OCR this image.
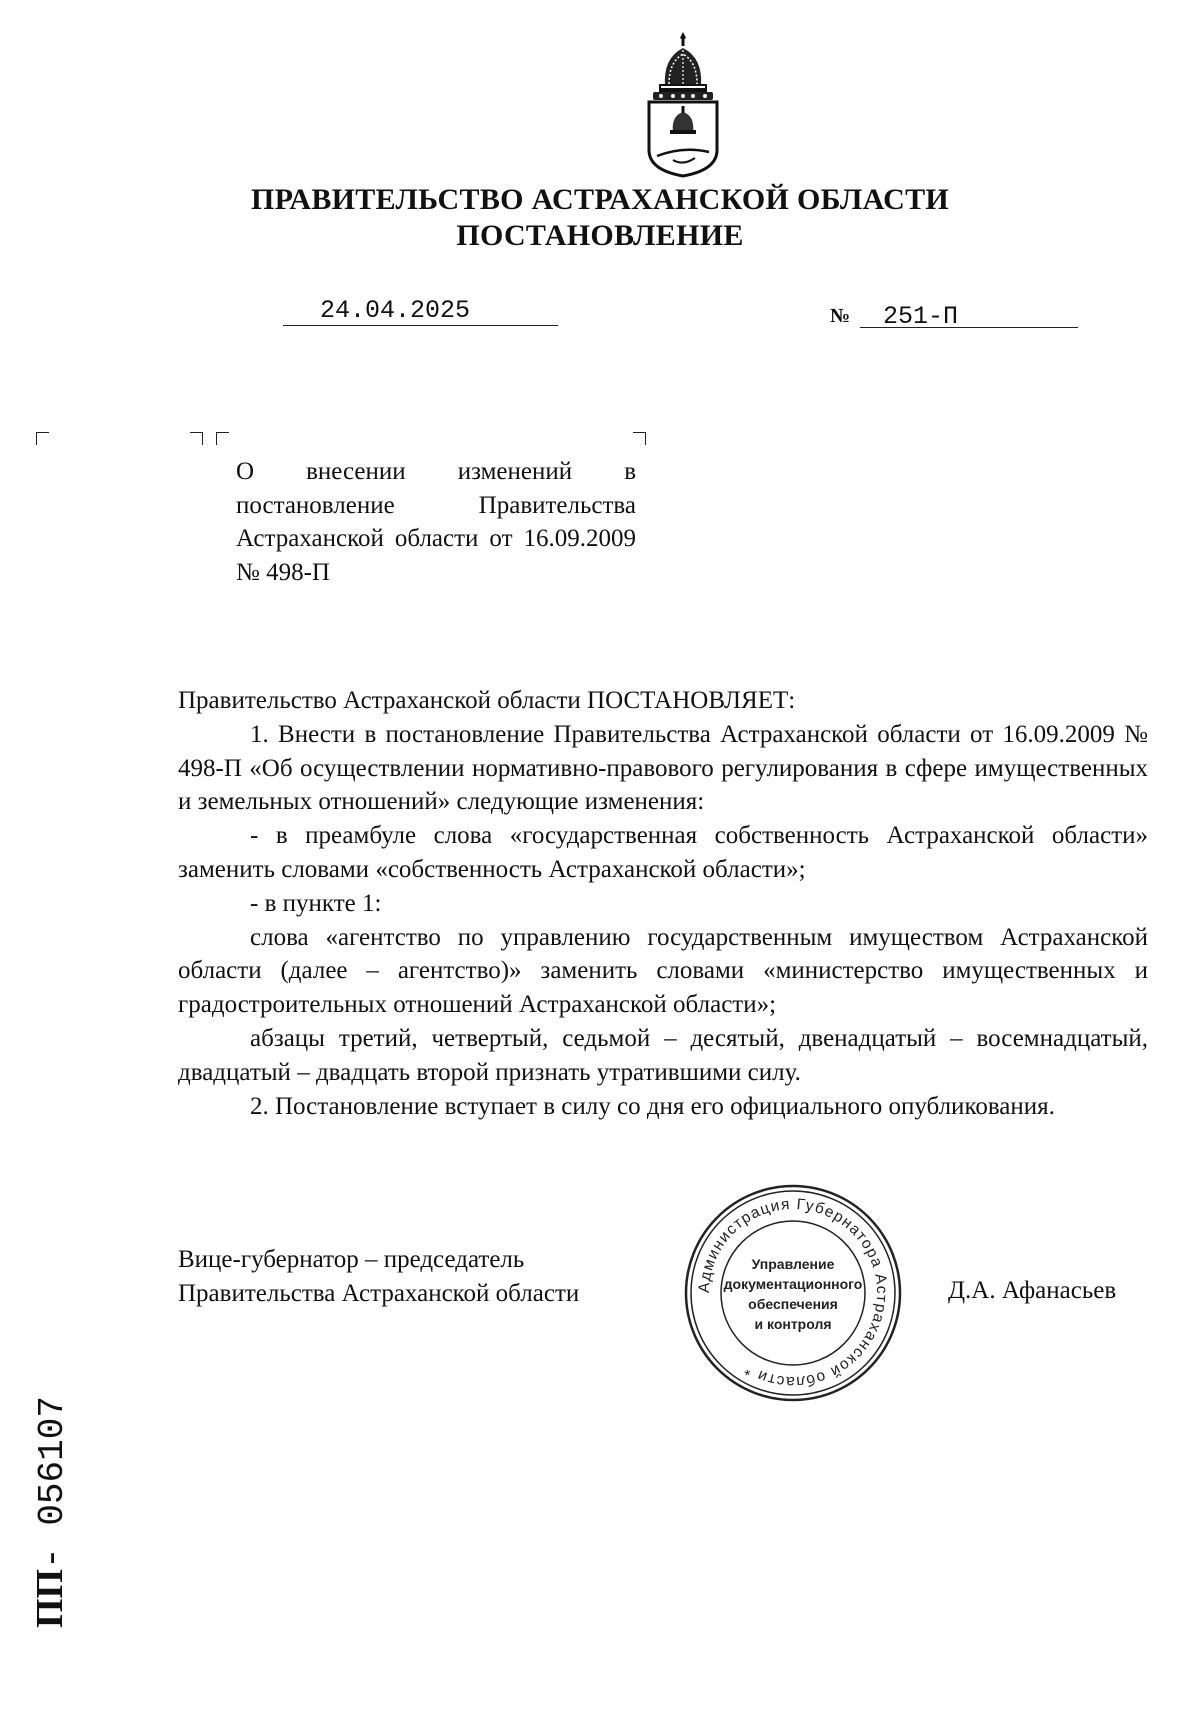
ПРАВИТЕЛЬСТВО АСТРАХАНСКОЙ ОБЛАСТИ
ПОСТАНОВЛЕНИЕ
24.04.2025	№ 251-П
О внесении изменений в постановление Правительства Астраханской области от 16.09.2009 № 498-П

Правительство Астраханской области ПОСТАНОВЛЯЕТ:

1. Внести в постановление Правительства Астраханской области от 16.09.2009 № 498-П «Об осуществлении нормативно-правового регулирования в сфере имущественных и земельных отношений» следующие изменения:

- в преамбуле слова «государственная собственность Астраханской области» заменить словами «собственность Астраханской области»;

- в пункте 1:

слова «агентство по управлению государственным имуществом Астраханской области (далее – агентство)» заменить словами «министерство имущественных и градостроительных отношений Астраханской области»;

абзацы третий, четвертый, седьмой – десятый, двенадцатый – восемнадцатый, двадцатый – двадцать второй признать утратившими силу.

2. Постановление вступает в силу со дня его официального опубликования.

Вице-губернатор – председатель
Правительства Астраханской области	Д.А. Афанасьев
Администрация Губернатора Астраханской области *
Управление
документационного
обеспечения
и контроля
ПП- 056107
